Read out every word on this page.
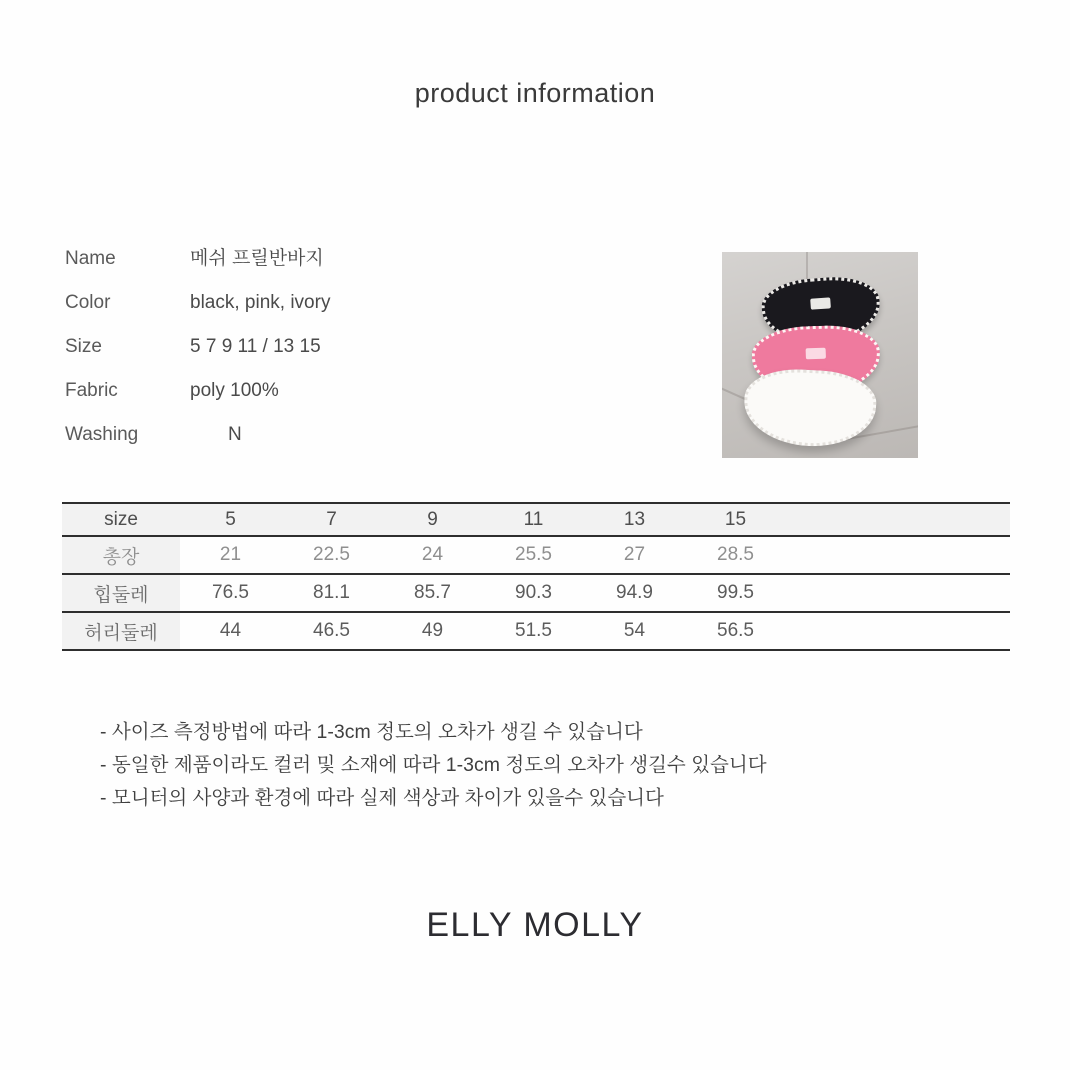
product information
Name	메쉬 프릴반바지
Color	black, pink, ivory
Size	5 7 9 11 / 13 15
Fabric	poly 100%
Washing	N
size	5	7	9	11	13	15	
총장	21	22.5	24	25.5	27	28.5	
힙둘레	76.5	81.1	85.7	90.3	94.9	99.5	
허리둘레	44	46.5	49	51.5	54	56.5	
- 사이즈 측정방법에 따라 1-3cm 정도의 오차가 생길 수 있습니다
- 동일한 제품이라도 컬러 및 소재에 따라 1-3cm 정도의 오차가 생길수 있습니다
- 모니터의 사양과 환경에 따라 실제 색상과 차이가 있을수 있습니다
ELLY MOLLY
